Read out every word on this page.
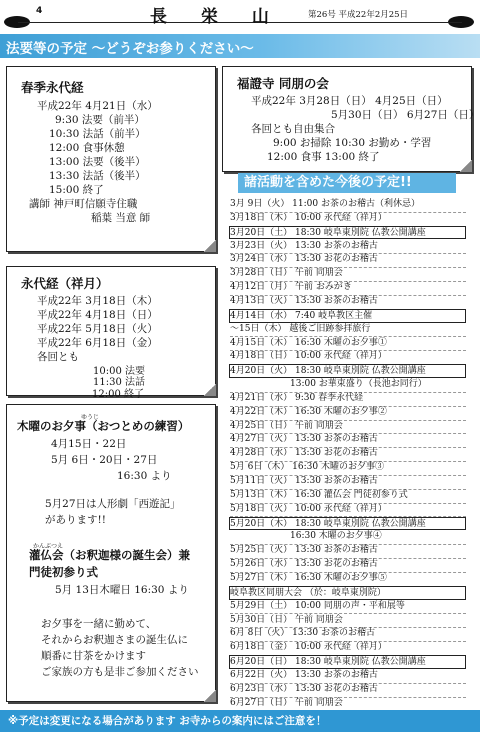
4	長 栄 山	第26号 平成22年2月25日
法要等の予定 〜どうぞお参りください〜
春季永代経
平成22年 4月21日（水）
9:30 法要（前半）
10:30 法話（前半）
12:00 食事休憩
13:00 法要（後半）
13:30 法話（後半）
15:00 終了
講師 神戸町信願寺住職
稲葉 当意 師
福證寺 同朋の会
平成22年 3月28日（日） 4月25日（日）
5月30日（日） 6月27日（日）
各回とも自由集合
9:00 お掃除 10:30 お勤め・学習
12:00 食事 13:00 終了
永代経（祥月）
平成22年 3月18日（木）
平成22年 4月18日（日）
平成22年 5月18日（火）
平成22年 6月18日（金）
各回とも
10:00 法要
11:30 法話
12:00 終了
ゆうじ
木曜のお夕事（おつとめの練習）
4月15日・22日
5月 6日・20日・27日
16:30 より
5月27日は人形劇「西遊記」
があります!!
かんぶつえ
灌仏会（お釈迦様の誕生会）兼
門徒初参り式
5月 13日木曜日 16:30 より
お夕事を一緒に勤めて、
それからお釈迦さまの誕生仏に
順番に甘茶をかけます
ご家族の方も是非ご参加ください
諸活動を含めた今後の予定!!
3月 9日（火） 11:00 お茶のお稽古（利休忌）
3月18日（木） 10:00 永代経（祥月）
3月20日（土） 18:30 岐阜東別院 仏教公開講座
3月23日（火） 13:30 お茶のお稽古
3月24日（水） 13:30 お花のお稽古
3月28日（日） 午前 同朋会
4月12日（月） 午前 おみがき
4月13日（火） 13:30 お茶のお稽古
4月14日（水） 7:40 岐阜教区主催
〜15日（木） 越後ご旧跡参拝旅行
4月15日（木） 16:30 木曜のお夕事①
4月18日（日） 10:00 永代経（祥月）
4月20日（火） 18:30 岐阜東別院 仏教公開講座
13:00 お華束盛り（長池お同行）
4月21日（水） 9:30 春季永代経
4月22日（木） 16:30 木曜のお夕事②
4月25日（日） 午前 同朋会
4月27日（火） 13:30 お茶のお稽古
4月28日（水） 13:30 お花のお稽古
5月 6日（木） 16:30 木曜のお夕事③
5月11日（火） 13:30 お茶のお稽古
5月13日（木） 16:30 灌仏会 門徒初参り式
5月18日（火） 10:00 永代経（祥月）
5月20日（木） 18:30 岐阜東別院 仏教公開講座
16:30 木曜のお夕事④
5月25日（火） 13:30 お茶のお稽古
5月26日（水） 13:30 お花のお稽古
5月27日（木） 16:30 木曜のお夕事⑤
岐阜教区同朋大会 （於：岐阜東別院）
5月29日（土） 10:00 同朋の声・平和展等
5月30日（日） 午前 同朋会
6月 8日（火） 13:30 お茶のお稽古
6月18日（金） 10:00 永代経（祥月）
6月20日（日） 18:30 岐阜東別院 仏教公開講座
6月22日（火） 13:30 お茶のお稽古
6月23日（水） 13:30 お花のお稽古
6月27日（日） 午前 同朋会
※予定は変更になる場合があります お寺からの案内にはご注意を！
